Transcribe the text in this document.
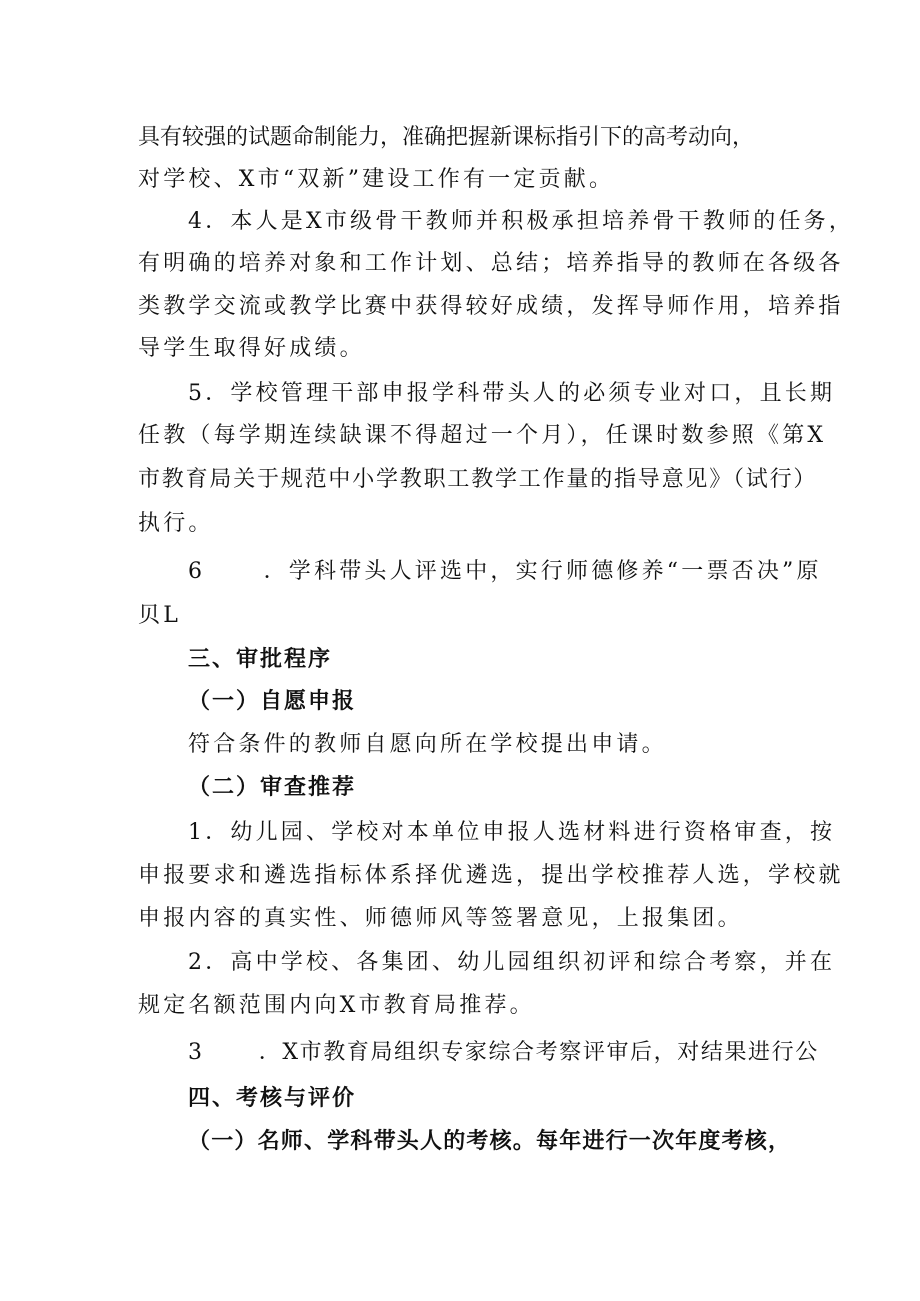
具有较强的试题命制能力，准确把握新课标指引下的高考动向，
对学校、X市“双新”建设工作有一定贡献。
4．本人是X市级骨干教师并积极承担培养骨干教师的任务，
有明确的培养对象和工作计划、总结；培养指导的教师在各级各
类教学交流或教学比赛中获得较好成绩，发挥导师作用，培养指
导学生取得好成绩。
5．学校管理干部申报学科带头人的必须专业对口，且长期
任教（每学期连续缺课不得超过一个月），任课时数参照《第X
市教育局关于规范中小学教职工教学工作量的指导意见》（试行）
执行。
6	．学科带头人评选中，实行师德修养“一票否决”原
贝L
三、审批程序
（一）自愿申报
符合条件的教师自愿向所在学校提出申请。
（二）审查推荐
1．幼儿园、学校对本单位申报人选材料进行资格审查，按
申报要求和遴选指标体系择优遴选，提出学校推荐人选，学校就
申报内容的真实性、师德师风等签署意见，上报集团。
2．高中学校、各集团、幼儿园组织初评和综合考察，并在
规定名额范围内向X市教育局推荐。
3	．X市教育局组织专家综合考察评审后，对结果进行公
四、考核与评价
（一）名师、学科带头人的考核。每年进行一次年度考核，
